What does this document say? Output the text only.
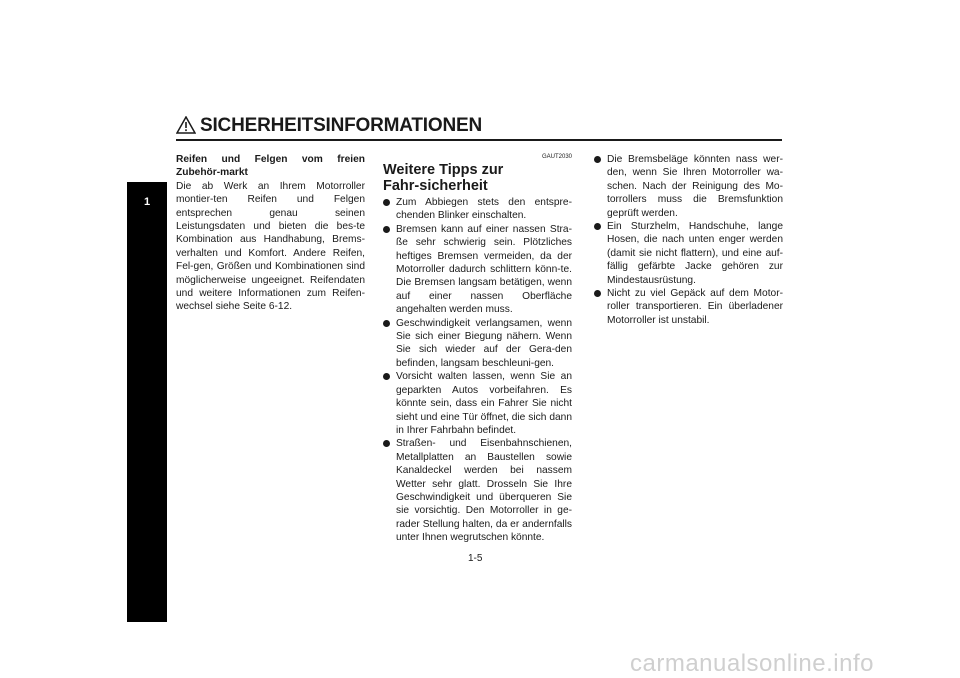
SICHERHEITSINFORMATIONEN
1

Reifen und Felgen vom freien Zubehör-markt

Die ab Werk an Ihrem Motorroller montier-ten Reifen und Felgen entsprechen genau seinen Leistungsdaten und bieten die bes-te Kombination aus Handhabung, Brems-verhalten und Komfort. Andere Reifen, Fel-gen, Größen und Kombinationen sind möglicherweise ungeeignet. Reifendaten und weitere Informationen zum Reifen-wechsel siehe Seite 6-12.

GAUT2030

Weitere Tipps zur Fahr-sicherheit

Zum Abbiegen stets den entspre-chenden Blinker einschalten.
Bremsen kann auf einer nassen Stra-ße sehr schwierig sein. Plötzliches heftiges Bremsen vermeiden, da der Motorroller dadurch schlittern könn-te. Die Bremsen langsam betätigen, wenn auf einer nassen Oberfläche angehalten werden muss.
Geschwindigkeit verlangsamen, wenn Sie sich einer Biegung nähern. Wenn Sie sich wieder auf der Gera-den befinden, langsam beschleuni-gen.
Vorsicht walten lassen, wenn Sie an geparkten Autos vorbeifahren. Es könnte sein, dass ein Fahrer Sie nicht sieht und eine Tür öffnet, die sich dann in Ihrer Fahrbahn befindet.
Straßen- und Eisenbahnschienen, Metallplatten an Baustellen sowie Kanaldeckel werden bei nassem Wetter sehr glatt. Drosseln Sie Ihre Geschwindigkeit und überqueren Sie sie vorsichtig. Den Motorroller in ge-rader Stellung halten, da er andernfalls unter Ihnen wegrutschen könnte.
Die Bremsbeläge könnten nass wer-den, wenn Sie Ihren Motorroller wa-schen. Nach der Reinigung des Mo-torrollers muss die Bremsfunktion geprüft werden.
Ein Sturzhelm, Handschuhe, lange Hosen, die nach unten enger werden (damit sie nicht flattern), und eine auf-fällig gefärbte Jacke gehören zur Mindestausrüstung.
Nicht zu viel Gepäck auf dem Motor-roller transportieren. Ein überladener Motorroller ist unstabil.
1-5
carmanualsonline.info
